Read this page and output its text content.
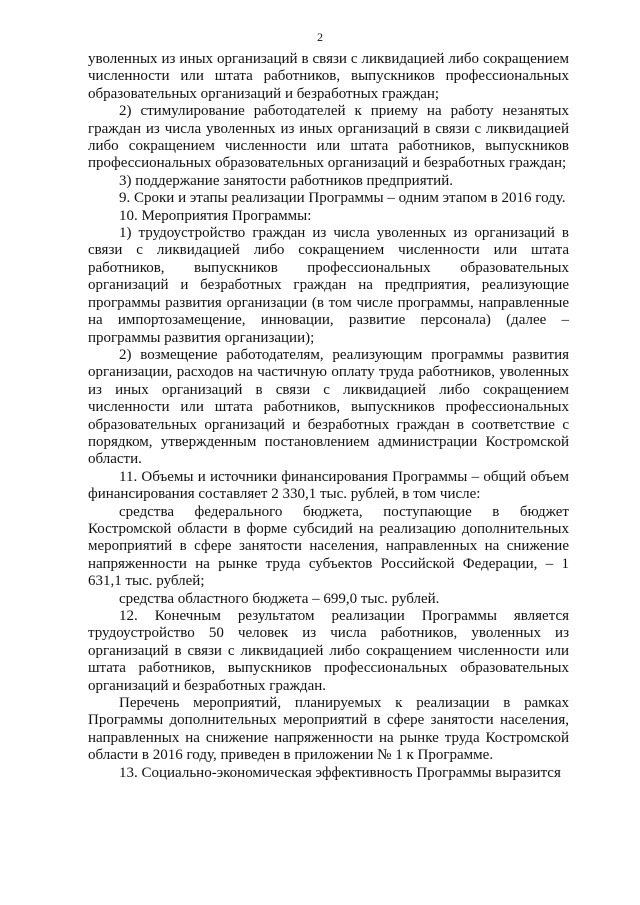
2

уволенных из иных организаций в связи с ликвидацией либо сокращением численности или штата работников, выпускников профессиональных образовательных организаций и безработных граждан;

2) стимулирование работодателей к приему на работу незанятых граждан из числа уволенных из иных организаций в связи с ликвидацией либо сокращением численности или штата работников, выпускников профессиональных образовательных организаций и безработных граждан;

3) поддержание занятости работников предприятий.

9. Сроки и этапы реализации Программы – одним этапом в 2016 году.

10. Мероприятия Программы:

1) трудоустройство граждан из числа уволенных из организаций в связи с ликвидацией либо сокращением численности или штата работников, выпускников профессиональных образовательных организаций и безработных граждан на предприятия, реализующие программы развития организации (в том числе программы, направленные на импортозамещение, инновации, развитие персонала) (далее – программы развития организации);

2) возмещение работодателям, реализующим программы развития организации, расходов на частичную оплату труда работников, уволенных из иных организаций в связи с ликвидацией либо сокращением численности или штата работников, выпускников профессиональных образовательных организаций и безработных граждан в соответствие с порядком, утвержденным постановлением администрации Костромской области.

11. Объемы и источники финансирования Программы – общий объем финансирования составляет 2 330,1 тыс. рублей, в том числе:

средства федерального бюджета, поступающие в бюджет Костромской области в форме субсидий на реализацию дополнительных мероприятий в сфере занятости населения, направленных на снижение напряженности на рынке труда субъектов Российской Федерации, – 1 631,1 тыс. рублей;

средства областного бюджета – 699,0 тыс. рублей.

12. Конечным результатом реализации Программы является трудоустройство 50 человек из числа работников, уволенных из организаций в связи с ликвидацией либо сокращением численности или штата работников, выпускников профессиональных образовательных организаций и безработных граждан.

Перечень мероприятий, планируемых к реализации в рамках Программы дополнительных мероприятий в сфере занятости населения, направленных на снижение напряженности на рынке труда Костромской области в 2016 году, приведен в приложении № 1 к Программе.

13. Социально-экономическая эффективность Программы выразится
